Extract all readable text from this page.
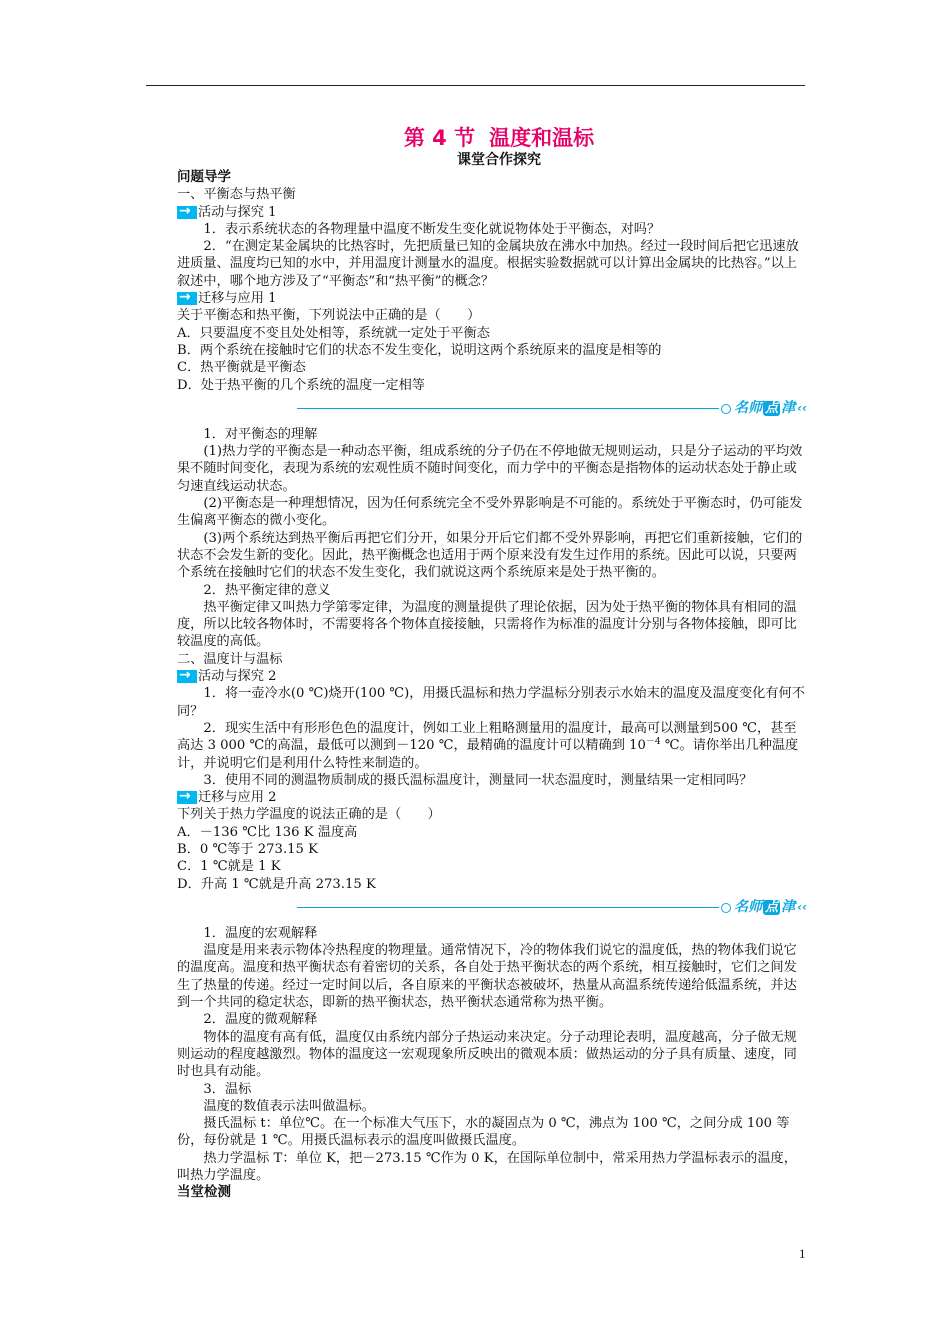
第 4 节 温度和温标
课堂合作探究

问题导学

一、平衡态与热平衡

→
活动与探究 1

1．表示系统状态的各物理量中温度不断发生变化就说物体处于平衡态，对吗？

2．“在测定某金属块的比热容时，先把质量已知的金属块放在沸水中加热。经过一段时间后把它迅速放进质量、温度均已知的水中，并用温度计测量水的温度。根据实验数据就可以计算出金属块的比热容。”以上叙述中，哪个地方涉及了“平衡态”和“热平衡”的概念？

→
迁移与应用 1

关于平衡态和热平衡，下列说法中正确的是（　　）

A．只要温度不变且处处相等，系统就一定处于平衡态

B．两个系统在接触时它们的状态不发生变化，说明这两个系统原来的温度是相等的

C．热平衡就是平衡态

D．处于热平衡的几个系统的温度一定相等

名师 点 津 ‹‹

1．对平衡态的理解

(1)热力学的平衡态是一种动态平衡，组成系统的分子仍在不停地做无规则运动，只是分子运动的平均效果不随时间变化，表现为系统的宏观性质不随时间变化，而力学中的平衡态是指物体的运动状态处于静止或匀速直线运动状态。

(2)平衡态是一种理想情况，因为任何系统完全不受外界影响是不可能的。系统处于平衡态时，仍可能发生偏离平衡态的微小变化。

(3)两个系统达到热平衡后再把它们分开，如果分开后它们都不受外界影响，再把它们重新接触，它们的状态不会发生新的变化。因此，热平衡概念也适用于两个原来没有发生过作用的系统。因此可以说，只要两个系统在接触时它们的状态不发生变化，我们就说这两个系统原来是处于热平衡的。

2．热平衡定律的意义

热平衡定律又叫热力学第零定律，为温度的测量提供了理论依据，因为处于热平衡的物体具有相同的温度，所以比较各物体时，不需要将各个物体直接接触，只需将作为标准的温度计分别与各物体接触，即可比较温度的高低。

二、温度计与温标

→
活动与探究 2

1．将一壶冷水(0 ℃)烧开(100 ℃)，用摄氏温标和热力学温标分别表示水始末的温度及温度变化有何不同？

2．现实生活中有形形色色的温度计，例如工业上粗略测量用的温度计，最高可以测量到500 ℃，甚至高达 3 000 ℃的高温，最低可以测到－120 ℃，最精确的温度计可以精确到 $10^{-4}$ ℃。请你举出几种温度计，并说明它们是利用什么特性来制造的。

3．使用不同的测温物质制成的摄氏温标温度计，测量同一状态温度时，测量结果一定相同吗？

→
迁移与应用 2

下列关于热力学温度的说法正确的是（　　）

A．－136 ℃比 136 K 温度高

B．0 ℃等于 273.15 K

C．1 ℃就是 1 K

D．升高 1 ℃就是升高 273.15 K

名师 点 津 ‹‹

1．温度的宏观解释

温度是用来表示物体冷热程度的物理量。通常情况下，冷的物体我们说它的温度低，热的物体我们说它的温度高。温度和热平衡状态有着密切的关系，各自处于热平衡状态的两个系统，相互接触时，它们之间发生了热量的传递。经过一定时间以后，各自原来的平衡状态被破坏，热量从高温系统传递给低温系统，并达到一个共同的稳定状态，即新的热平衡状态，热平衡状态通常称为热平衡。

2．温度的微观解释

物体的温度有高有低，温度仅由系统内部分子热运动来决定。分子动理论表明，温度越高，分子做无规则运动的程度越激烈。物体的温度这一宏观现象所反映出的微观本质：做热运动的分子具有质量、速度，同时也具有动能。

3．温标

温度的数值表示法叫做温标。

摄氏温标 t：单位℃。在一个标准大气压下，水的凝固点为 0 ℃，沸点为 100 ℃，之间分成 100 等份，每份就是 1 ℃。用摄氏温标表示的温度叫做摄氏温度。

热力学温标 T：单位 K，把－273.15 ℃作为 0 K，在国际单位制中，常采用热力学温标表示的温度，叫热力学温度。

当堂检测

1
